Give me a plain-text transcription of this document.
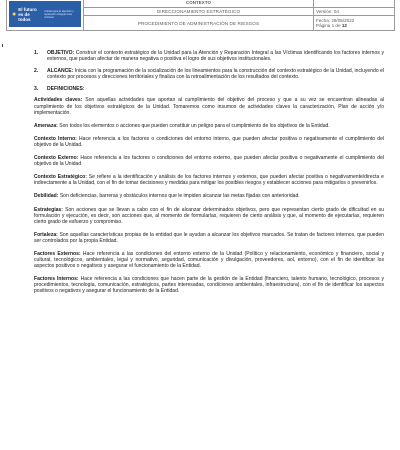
●
El futuro es de todos
Unidad para la atención y reparación integral a las víctimas	CONTEXTO	
	DIRECCIONAMIENTO ESTRATÉGICO	Versión: 04
	PROCEDIMIENTO DE ADMINISTRACIÓN DE RIESGOS	Fecha: 29/05/2022
Página 1 de 12
1.	OBJETIVO: Construir el contexto estratégico de la Unidad para la Atención y Reparación Integral a las Víctimas identificando los factores internos y externos, que puedan afectar de manera negativa o positiva el logro de sus objetivos institucionales.
2.	ALCANCE: Inicia con la programación de la socialización de los lineamientos para la construcción del contexto estratégico de la Unidad, incluyendo el contexto por procesos y direcciones territoriales y finaliza con la retroalimentación de los resultados del contexto.
3.	DEFINICIONES:
Actividades claves: Son aquellas actividades que aportan al cumplimiento del objetivo del proceso y que a su vez se encuentran alineadas al cumplimiento de los objetivos estratégicos de la Unidad. Tomaremos como insumos de actividades claves la caracterización, Plan de acción y/o implementación.
Amenaza: Son todos los elementos o acciones que pueden constituir un peligro para el cumplimiento de los objetivos de la Entidad.
Contexto Interno: Hace referencia a los factores o condiciones del entorno interno, que pueden afectar positiva o negativamente el cumplimiento del objetivo de la Unidad.
Contexto Externo: Hace referencia a los factores o condiciones del entorno externo, que pueden afectar positiva o negativamente el cumplimiento del objetivo de la Unidad
Contexto Estratégico: Se refiere a la identificación y análisis de los factores internos y externos, que pueden afectar positiva o negativamente/directa e indirectamente a la Unidad, con el fin de tomar decisiones y medidas para mitigar los posibles riesgos y establecer acciones para mitigarlos o prevenirlos.
Debilidad: Son deficiencias, barreras y obstáculos internos que le impiden alcanzar las metas fijadas con anterioridad.
Estrategias: Son acciones que se llevan a cabo con el fin de alcanzar determinados objetivos, pero que representan cierto grado de dificultad en su formulación y ejecución, es decir, son acciones que, al momento de formularlas, requieren de cierto análisis y que, al momento de ejecutarlas, requieren cierto grado de esfuerzo y compromiso.
Fortaleza: Son aquellas características propias de la entidad que le ayudan a alcanzar los objetivos marcados. Se tratan de factores internos, que pueden ser controlados por la propia Entidad.
Factores Externos: Hace referencia a las condiciones del entorno externo de la Unidad (Político y relacionamiento, económico y financiero, social y cultural, tecnológicos, ambientales, legal y normativo, seguridad, comunicación y divulgación, proveedores, aol, entorno), con el fin de identificar los aspectos positivos o negativos y asegurar el funcionamiento de la Entidad.
Factores Internos: Hace referencia a las condiciones que hacen parte de la gestión de la Entidad (financiero, talento humano, tecnológico, procesos y procedimientos, tecnología, comunicación, estratégicos, partes interesadas, condiciones ambientales, infraestructura), con el fin de identificar los aspectos positivos o negativos y asegurar el funcionamiento de la Entidad.
